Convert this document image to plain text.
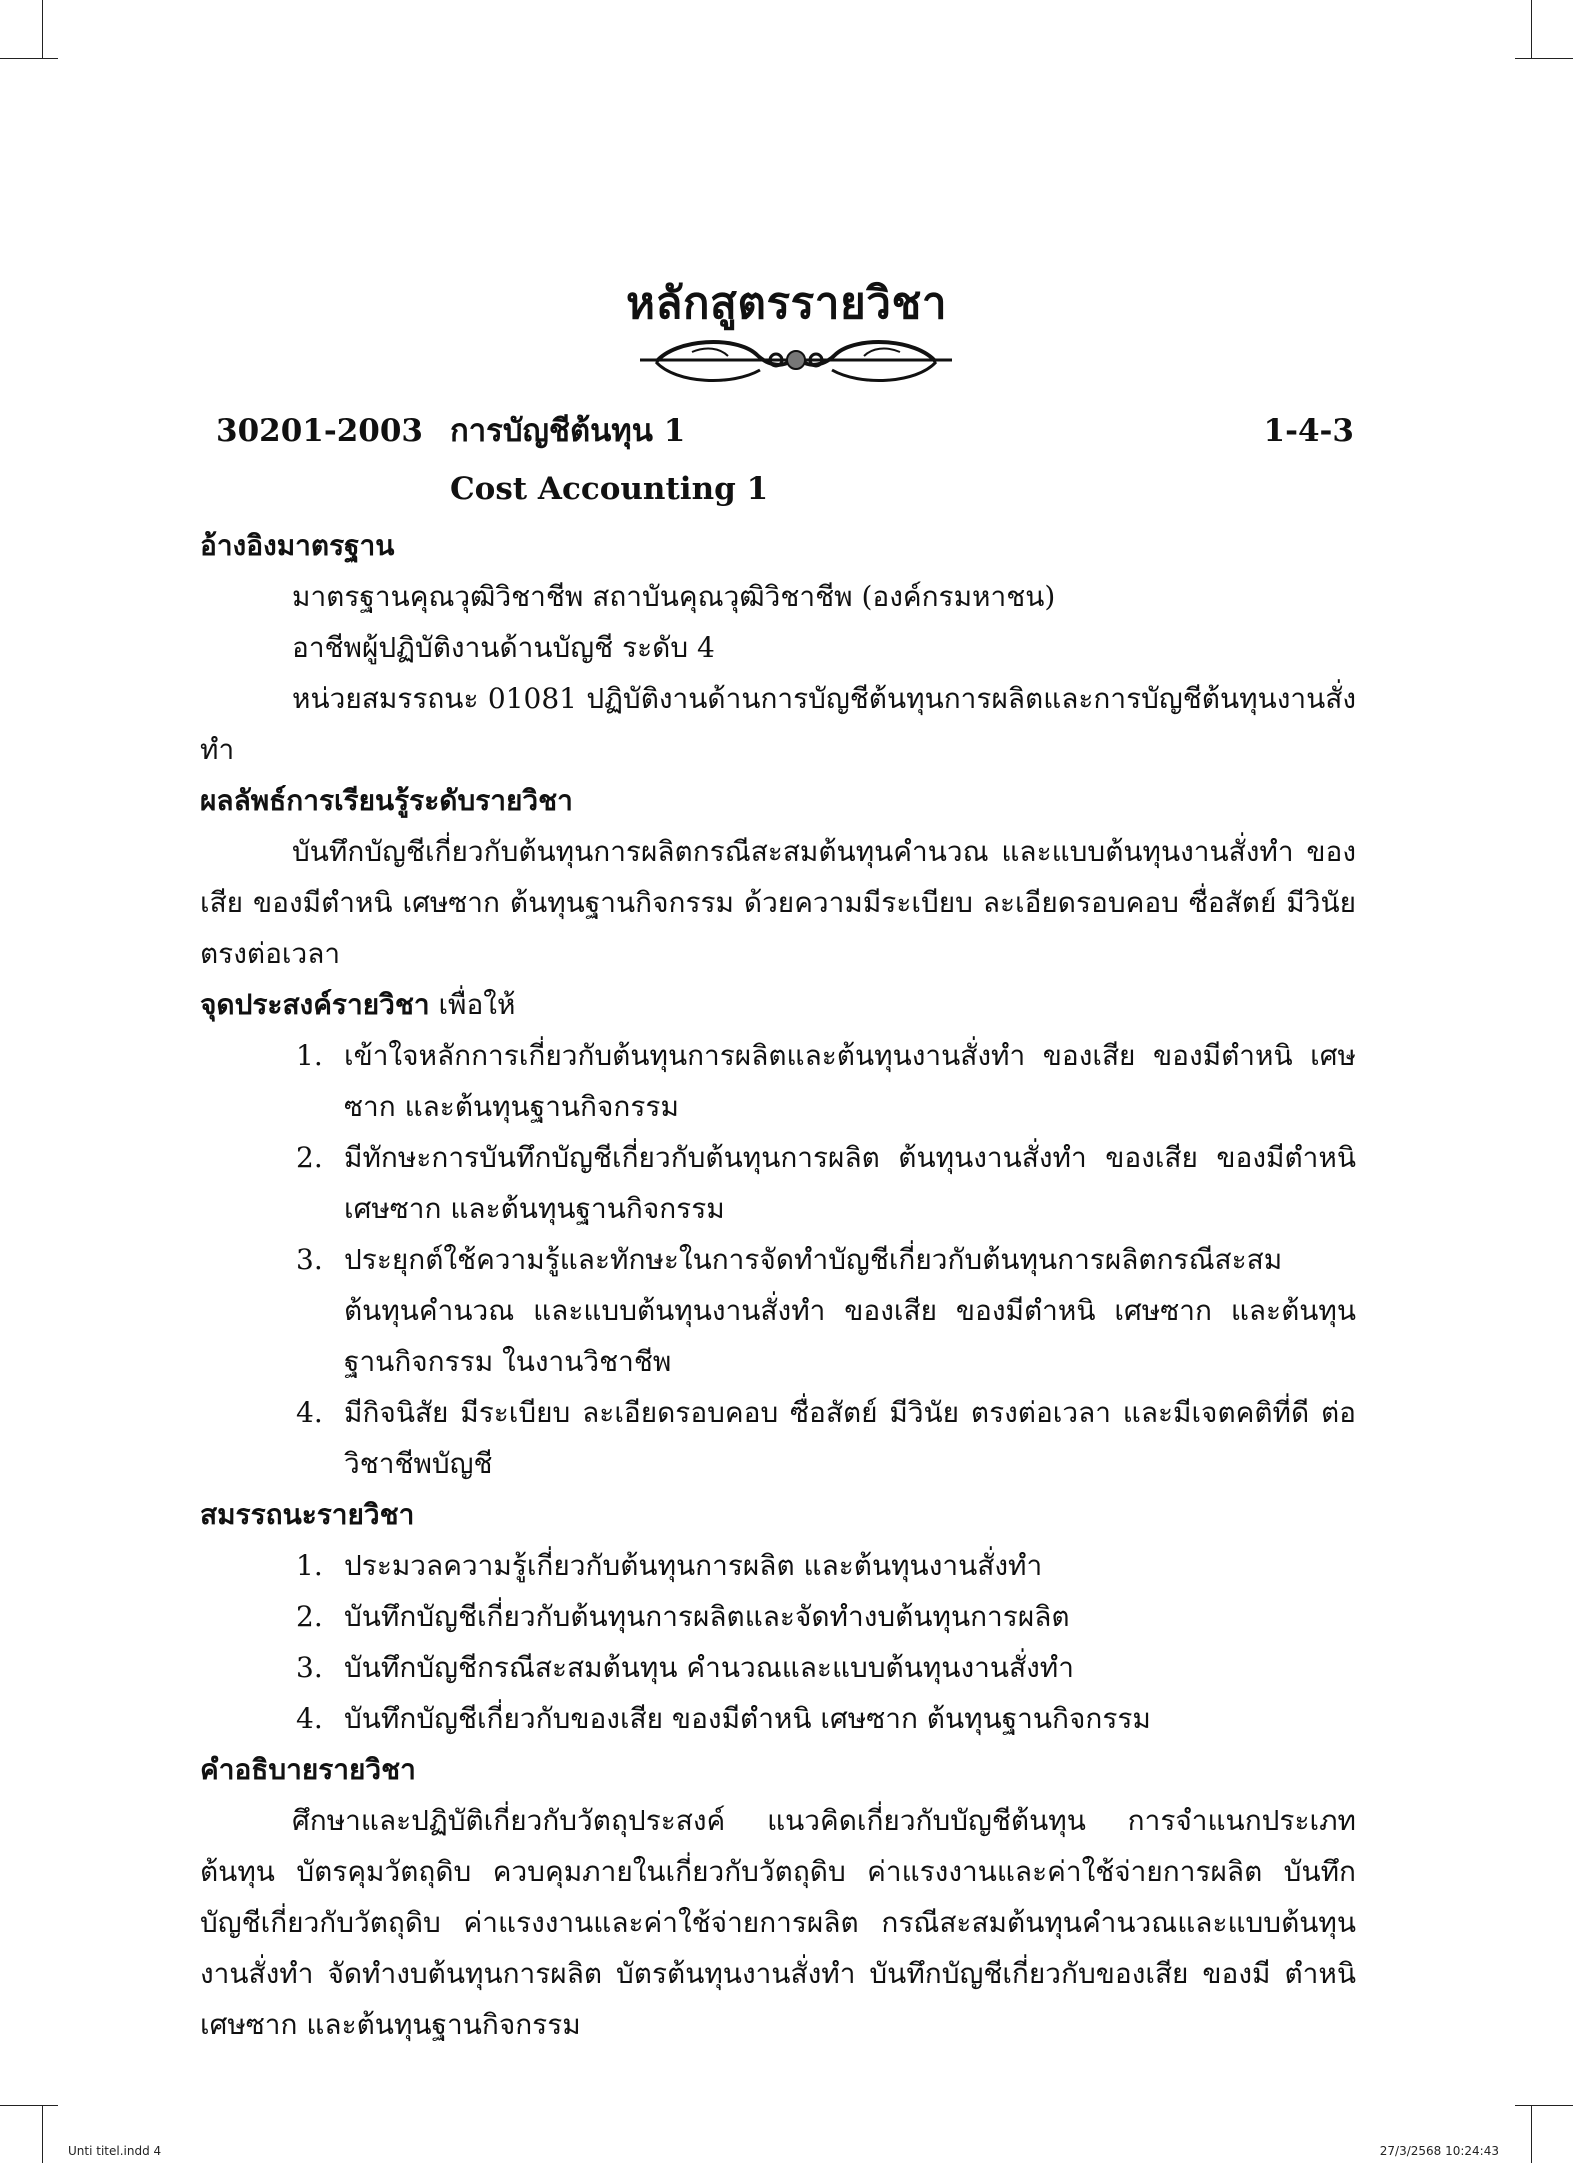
หลักสูตรรายวิชา
30201-2003 การบัญชีต้นทุน 1	1-4-3
Cost Accounting 1

อ้างอิงมาตรฐาน

มาตรฐานคุณวุฒิวิชาชีพ สถาบันคุณวุฒิวิชาชีพ (องค์กรมหาชน)

อาชีพผู้ปฏิบัติงานด้านบัญชี ระดับ 4

หน่วยสมรรถนะ 01081 ปฏิบัติงานด้านการบัญชีต้นทุนการผลิตและการบัญชีต้นทุนงานสั่งทำ

ผลลัพธ์การเรียนรู้ระดับรายวิชา

บันทึกบัญชีเกี่ยวกับต้นทุนการผลิตกรณีสะสมต้นทุนคำนวณ และแบบต้นทุนงานสั่งทำ ของเสีย ของมีตำหนิ เศษซาก ต้นทุนฐานกิจกรรม ด้วยความมีระเบียบ ละเอียดรอบคอบ ซื่อสัตย์ มีวินัย ตรงต่อเวลา

จุดประสงค์รายวิชา เพื่อให้

1. เข้าใจหลักการเกี่ยวกับต้นทุนการผลิตและต้นทุนงานสั่งทำ ของเสีย ของมีตำหนิ เศษซาก และต้นทุนฐานกิจกรรม
2. มีทักษะการบันทึกบัญชีเกี่ยวกับต้นทุนการผลิต ต้นทุนงานสั่งทำ ของเสีย ของมีตำหนิ เศษซาก และต้นทุนฐานกิจกรรม
3. ประยุกต์ใช้ความรู้และทักษะในการจัดทำบัญชีเกี่ยวกับต้นทุนการผลิตกรณีสะสม ต้นทุนคำนวณ และแบบต้นทุนงานสั่งทำ ของเสีย ของมีตำหนิ เศษซาก และต้นทุน ฐานกิจกรรม ในงานวิชาชีพ
4. มีกิจนิสัย มีระเบียบ ละเอียดรอบคอบ ซื่อสัตย์ มีวินัย ตรงต่อเวลา และมีเจตคติที่ดี ต่อวิชาชีพบัญชี

สมรรถนะรายวิชา

1. ประมวลความรู้เกี่ยวกับต้นทุนการผลิต และต้นทุนงานสั่งทำ
2. บันทึกบัญชีเกี่ยวกับต้นทุนการผลิตและจัดทำงบต้นทุนการผลิต
3. บันทึกบัญชีกรณีสะสมต้นทุน คำนวณและแบบต้นทุนงานสั่งทำ
4. บันทึกบัญชีเกี่ยวกับของเสีย ของมีตำหนิ เศษซาก ต้นทุนฐานกิจกรรม

คำอธิบายรายวิชา

ศึกษาและปฏิบัติเกี่ยวกับวัตถุประสงค์ แนวคิดเกี่ยวกับบัญชีต้นทุน การจำแนกประเภท ต้นทุน บัตรคุมวัตถุดิบ ควบคุมภายในเกี่ยวกับวัตถุดิบ ค่าแรงงานและค่าใช้จ่ายการผลิต บันทึก บัญชีเกี่ยวกับวัตถุดิบ ค่าแรงงานและค่าใช้จ่ายการผลิต กรณีสะสมต้นทุนคำนวณและแบบต้นทุน งานสั่งทำ จัดทำงบต้นทุนการผลิต บัตรต้นทุนงานสั่งทำ บันทึกบัญชีเกี่ยวกับของเสีย ของมี ตำหนิ เศษซาก และต้นทุนฐานกิจกรรม

Unti titel.indd 4	27/3/2568 10:24:43
